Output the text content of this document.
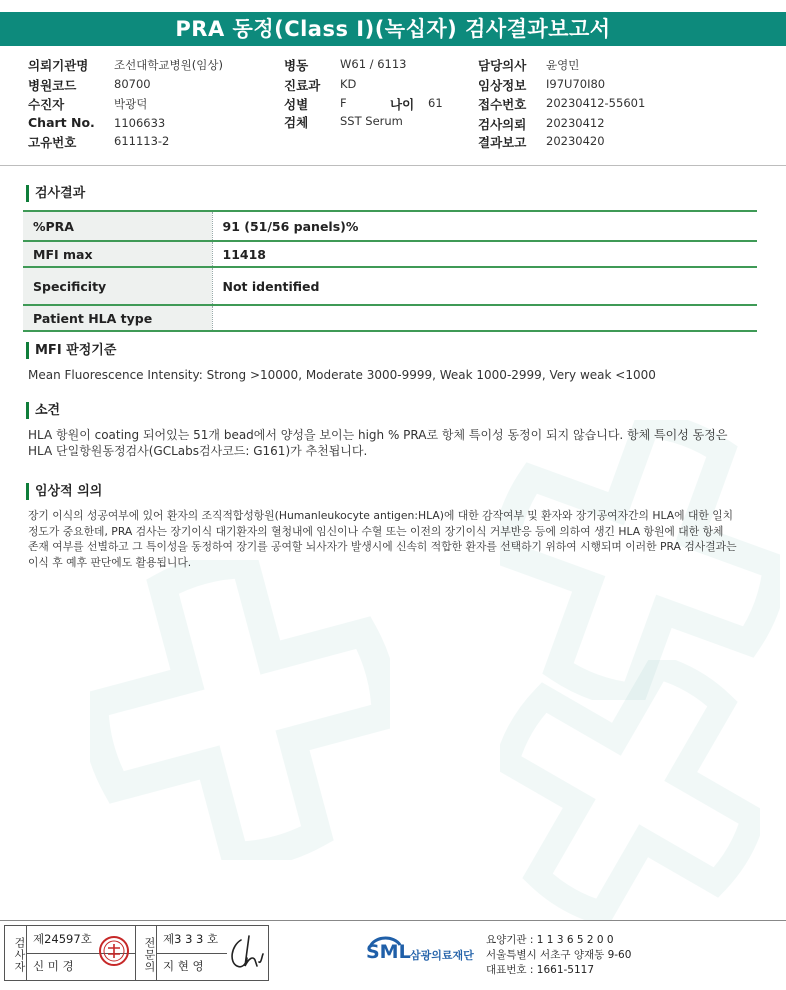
PRA 동정(Class I)(녹십자) 검사결과보고서
의뢰기관명 조선대학교병원(임상)
병원코드	80700
수진자	박광덕
Chart No. 1106633
고유번호	611113-2
병동	W61 / 6113
진료과 KD
성별	F	나이 61
검체	SST Serum
담당의사 윤영민
임상정보 I97U70I80
접수번호 20230412-55601
검사의뢰 20230412
결과보고 20230420
검사결과
%PRA	91 (51/56 panels)%
MFI max	11418
Specificity	Not identified
Patient HLA type	
MFI 판정기준
Mean Fluorescence Intensity: Strong >10000, Moderate 3000-9999, Weak 1000-2999, Very weak <1000
소견
HLA 항원이 coating 되어있는 51개 bead에서 양성을 보이는 high % PRA로 항체 특이성 동정이 되지 않습니다. 항체 특이성 동정은
HLA 단일항원동정검사(GCLabs검사코드: G161)가 추천됩니다.
임상적 의의
장기 이식의 성공여부에 있어 환자의 조직적합성항원(Humanleukocyte antigen:HLA)에 대한 감작여부 및 환자와 장기공여자간의 HLA에 대한 일치
정도가 중요한데, PRA 검사는 장기이식 대기환자의 혈청내에 임신이나 수혈 또는 이전의 장기이식 거부반응 등에 의하여 생긴 HLA 항원에 대한 항체
존재 여부를 선별하고 그 특이성을 동정하여 장기를 공여할 뇌사자가 발생시에 신속히 적합한 환자를 선택하기 위하여 시행되며 이러한 PRA 검사결과는
이식 후 예후 판단에도 활용됩니다.
검사자 제24597호
신 미 경	전문의 제3 3 3 호
지 현 영
SML 삼광의료재단
요양기관 : 1 1 3 6 5 2 0 0
서울특별시 서초구 양재동 9-60
대표번호 : 1661-5117
